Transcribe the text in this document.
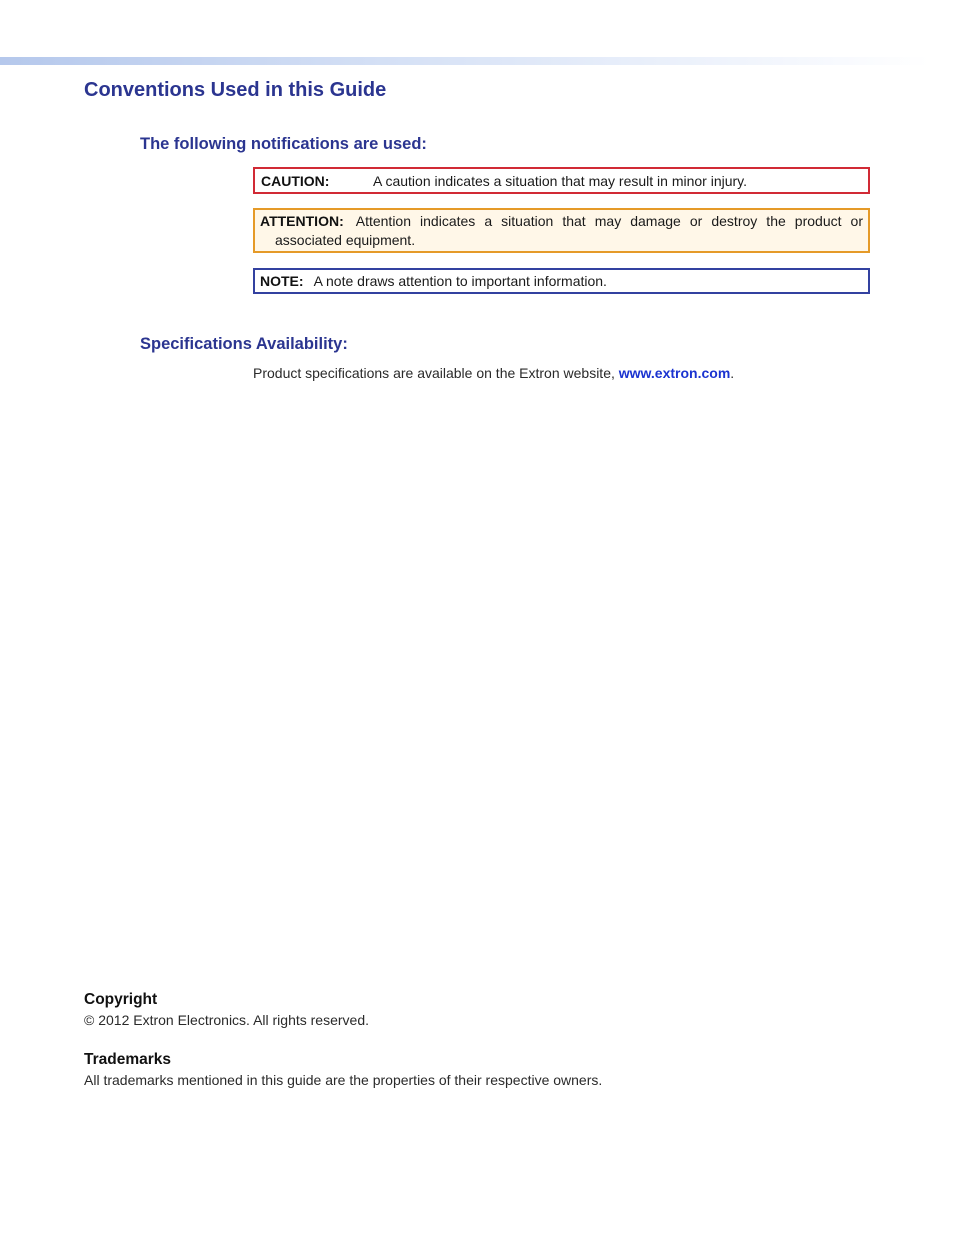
Conventions Used in this Guide
The following notifications are used:
CAUTION:	A caution indicates a situation that may result in minor injury.
ATTENTION: Attention indicates a situation that may damage or destroy the product or associated equipment.
NOTE: A note draws attention to important information.
Specifications Availability:

Product specifications are available on the Extron website, www.extron.com.

Copyright

© 2012 Extron Electronics. All rights reserved.

Trademarks

All trademarks mentioned in this guide are the properties of their respective owners.
